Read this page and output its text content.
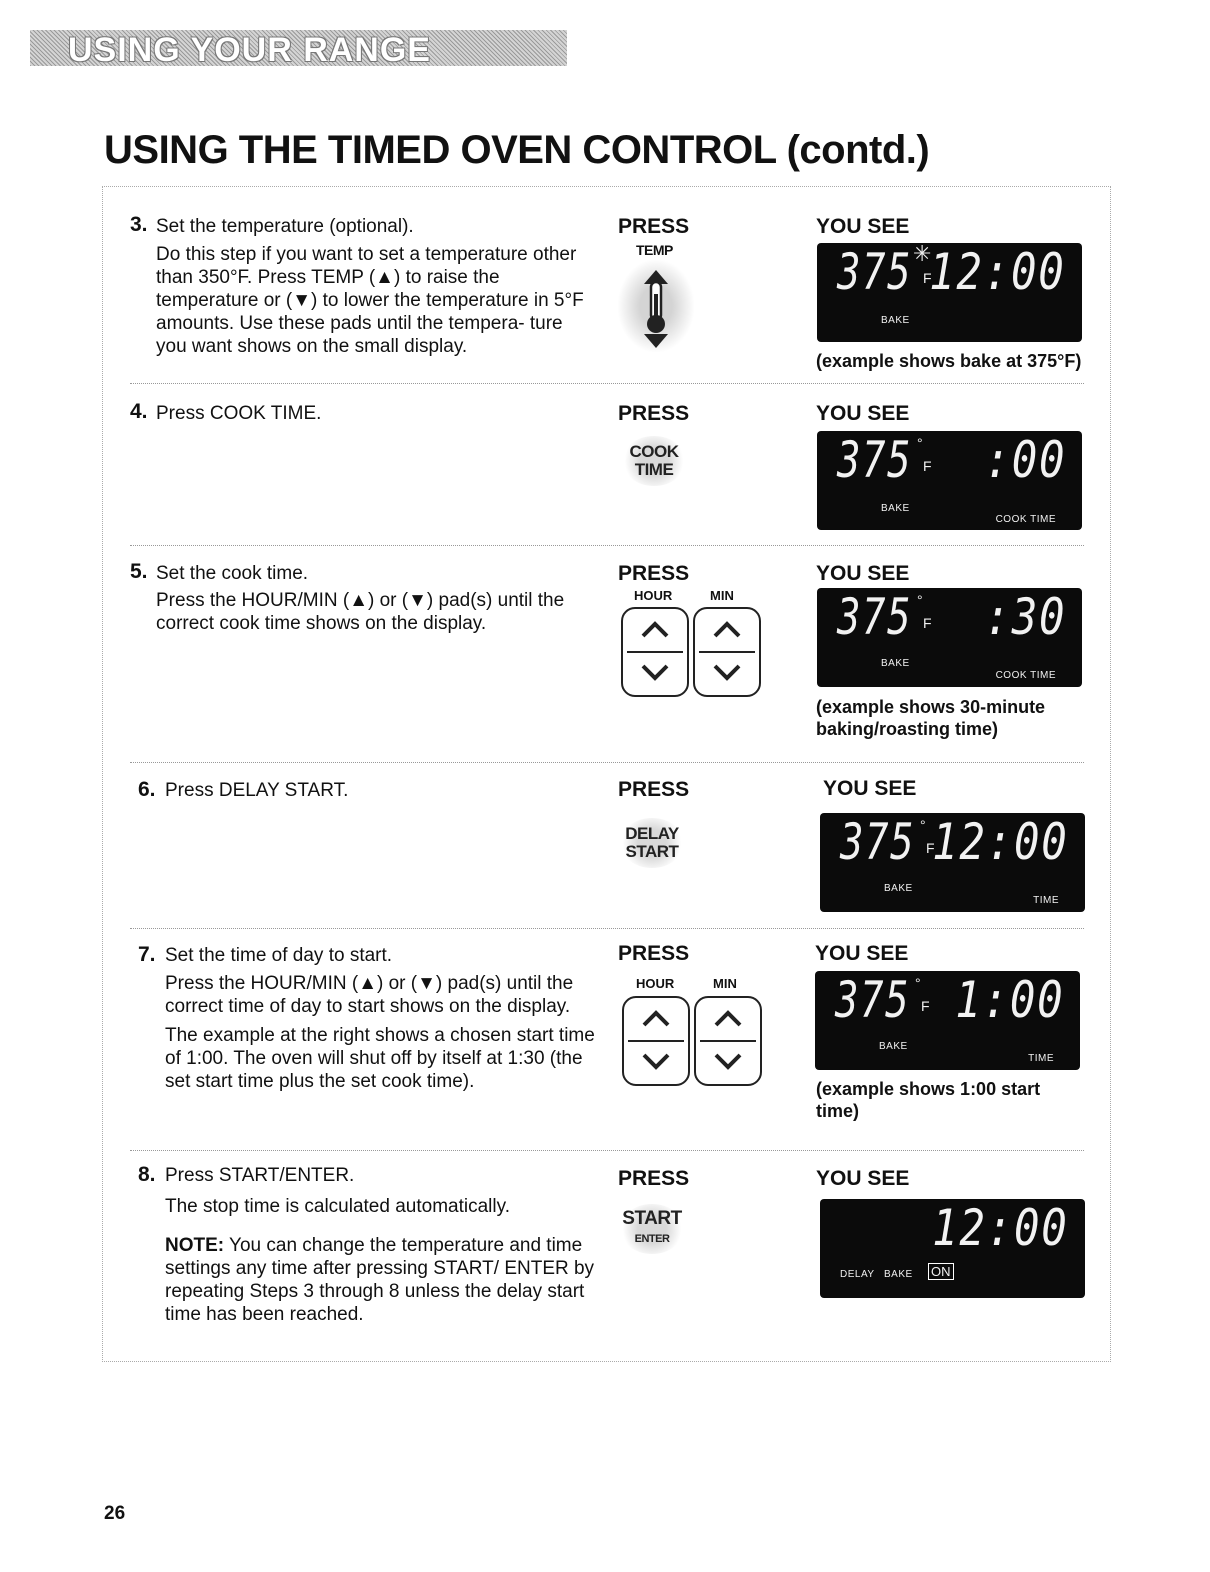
USING YOUR RANGE
USING THE TIMED OVEN CONTROL (contd.)
3. Set the temperature (optional).

Do this step if you want to set a temperature other than 350°F. Press TEMP (▲) to raise the temperature or (▼) to lower the temperature in 5°F amounts. Use these pads until the tempera- ture you want shows on the small display.

PRESS
TEMP
YOU SEE
375 ✳
F
12:00
BAKE
(example shows bake at 375°F)
4. Press COOK TIME.	PRESS
COOK
TIME
YOU SEE
375 °
F :00
BAKE
COOK TIME
5. Set the cook time.

Press the HOUR/MIN (▲) or (▼) pad(s) until the correct cook time shows on the display.

PRESS
HOUR	MIN
YOU SEE
375 °
F :30
BAKE
COOK TIME
(example shows 30-minute baking/roasting time)
6. Press DELAY START.	PRESS
DELAY
START
YOU SEE
375 °
F
12:00
BAKE
TIME
7. Set the time of day to start.

Press the HOUR/MIN (▲) or (▼) pad(s) until the correct time of day to start shows on the display.

The example at the right shows a chosen start time of 1:00. The oven will shut off by itself at 1:30 (the set start time plus the set cook time).

PRESS
HOUR	MIN
YOU SEE
375 °
F 1:00
BAKE
TIME
(example shows 1:00 start time)
8. Press START/ENTER.

The stop time is calculated automatically.

NOTE: You can change the temperature and time settings any time after pressing START/ ENTER by repeating Steps 3 through 8 unless the delay start time has been reached.

PRESS
START
ENTER
YOU SEE
12:00
DELAY BAKE ON
26
